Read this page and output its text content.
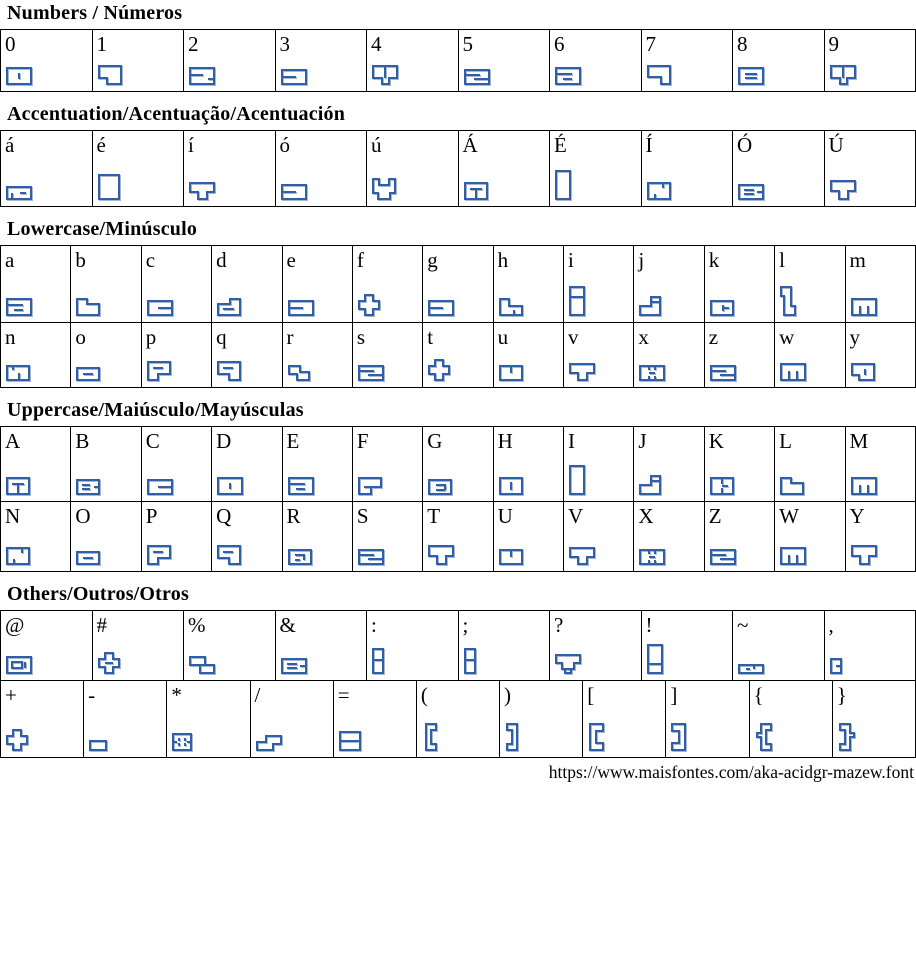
Numbers / Números
0	1	2	3	4	5	6	7	8	9
Accentuation/Acentuação/Acentuación
á	é	í	ó	ú	Á	É	Í	Ó	Ú
Lowercase/Minúsculo
a	b	c	d	e	f	g	h	i	j	k	l	m
n	o	p	q	r	s	t	u	v	x	z	w	y
Uppercase/Maiúsculo/Mayúsculas
A	B	C	D	E	F	G	H	I	J	K	L	M
N	O	P	Q	R	S	T	U	V	X	Z	W	Y
Others/Outros/Otros
@	#	%	&	:	;	?	!	~	,
+	-	*	/	=	(	)	[	]	{	}
https://www.maisfontes.com/aka-acidgr-mazew.font
